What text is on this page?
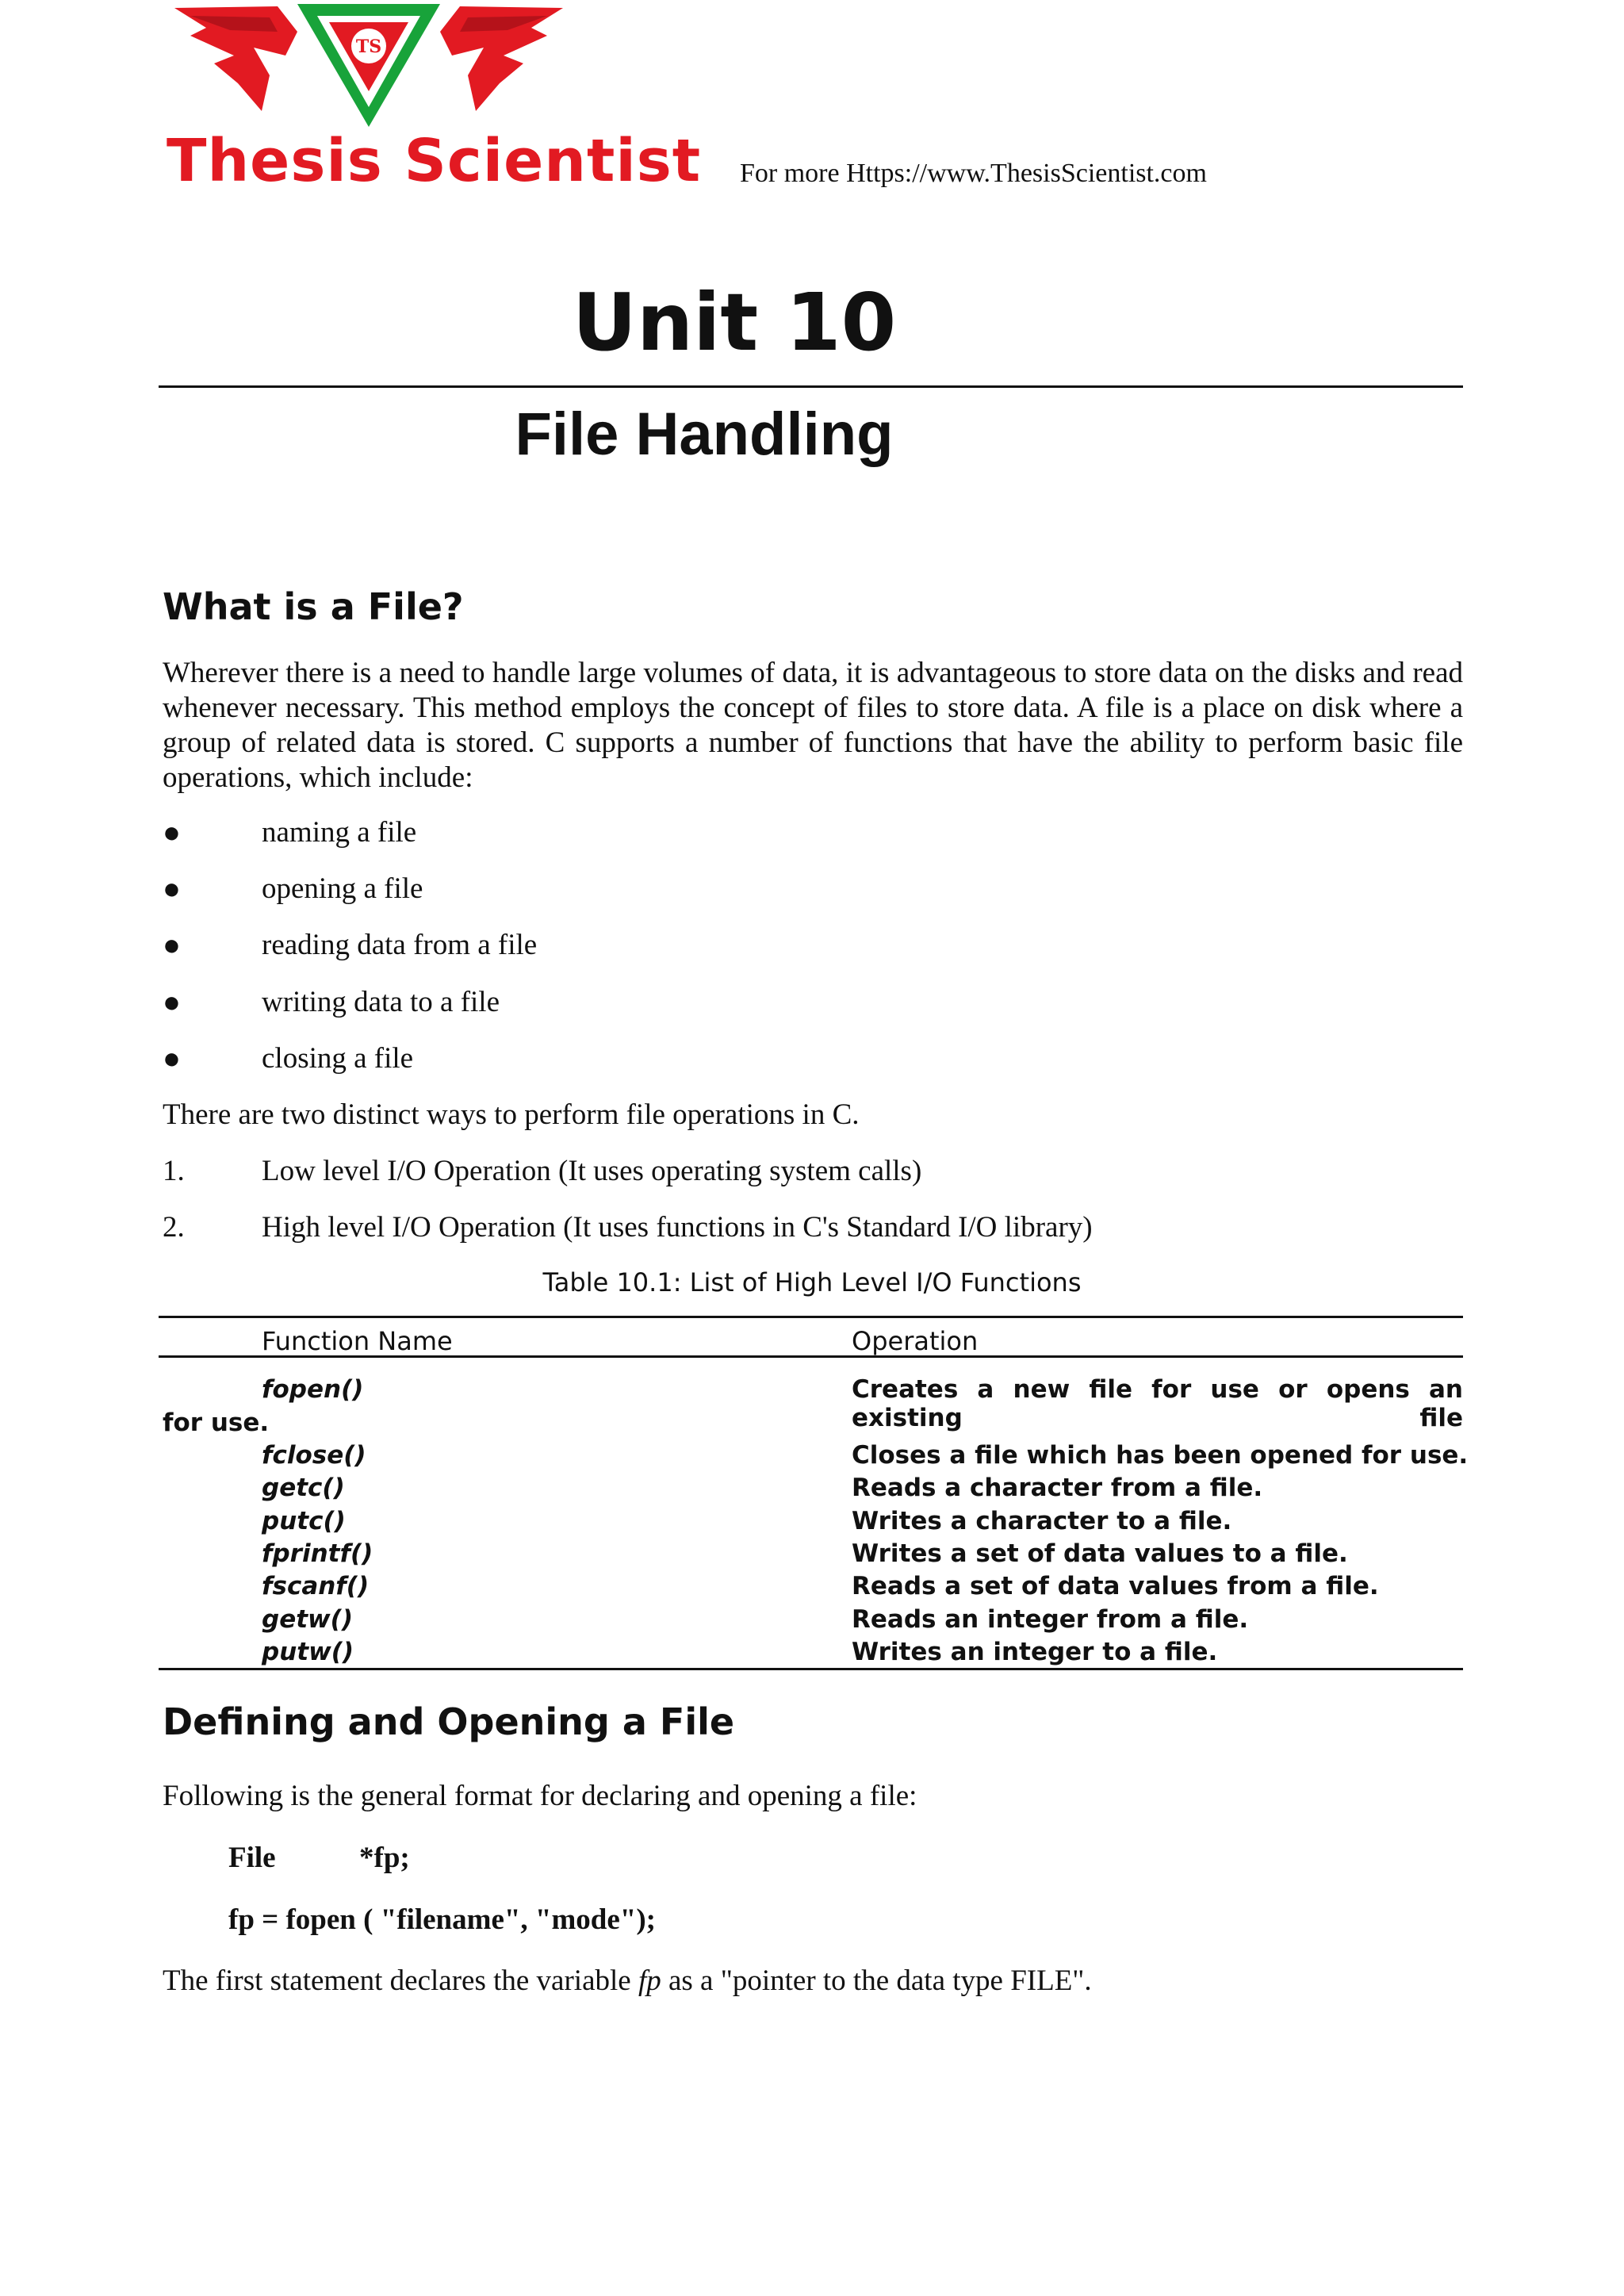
TS
Thesis Scientist For more Https://www.ThesisScientist.com
Unit 10
File Handling
What is a File?

Wherever there is a need to handle large volumes of data, it is advantageous to store data on the disks and read whenever necessary. This method employs the concept of files to store data. A file is a place on disk where a group of related data is stored. C supports a number of functions that have the ability to perform basic file operations, which include:

●	naming a file
●	opening a file
●	reading data from a file
●	writing data to a file
●	closing a file
There are two distinct ways to perform file operations in C.
1.	Low level I/O Operation (It uses operating system calls)
2.	High level I/O Operation (It uses functions in C's Standard I/O library)
Table 10.1: List of High Level I/O Functions
Function Name	Operation
fopen()	Creates a new file for use or opens an existing file
for use.
fclose()	Closes a file which has been opened for use.
getc()	Reads a character from a file.
putc()	Writes a character to a file.
fprintf()	Writes a set of data values to a file.
fscanf()	Reads a set of data values from a file.
getw()	Reads an integer from a file.
putw()	Writes an integer to a file.
Defining and Opening a File
Following is the general format for declaring and opening a file:
File	*fp;
fp = fopen ( "filename", "mode");
The first statement declares the variable fp as a "pointer to the data type FILE".
